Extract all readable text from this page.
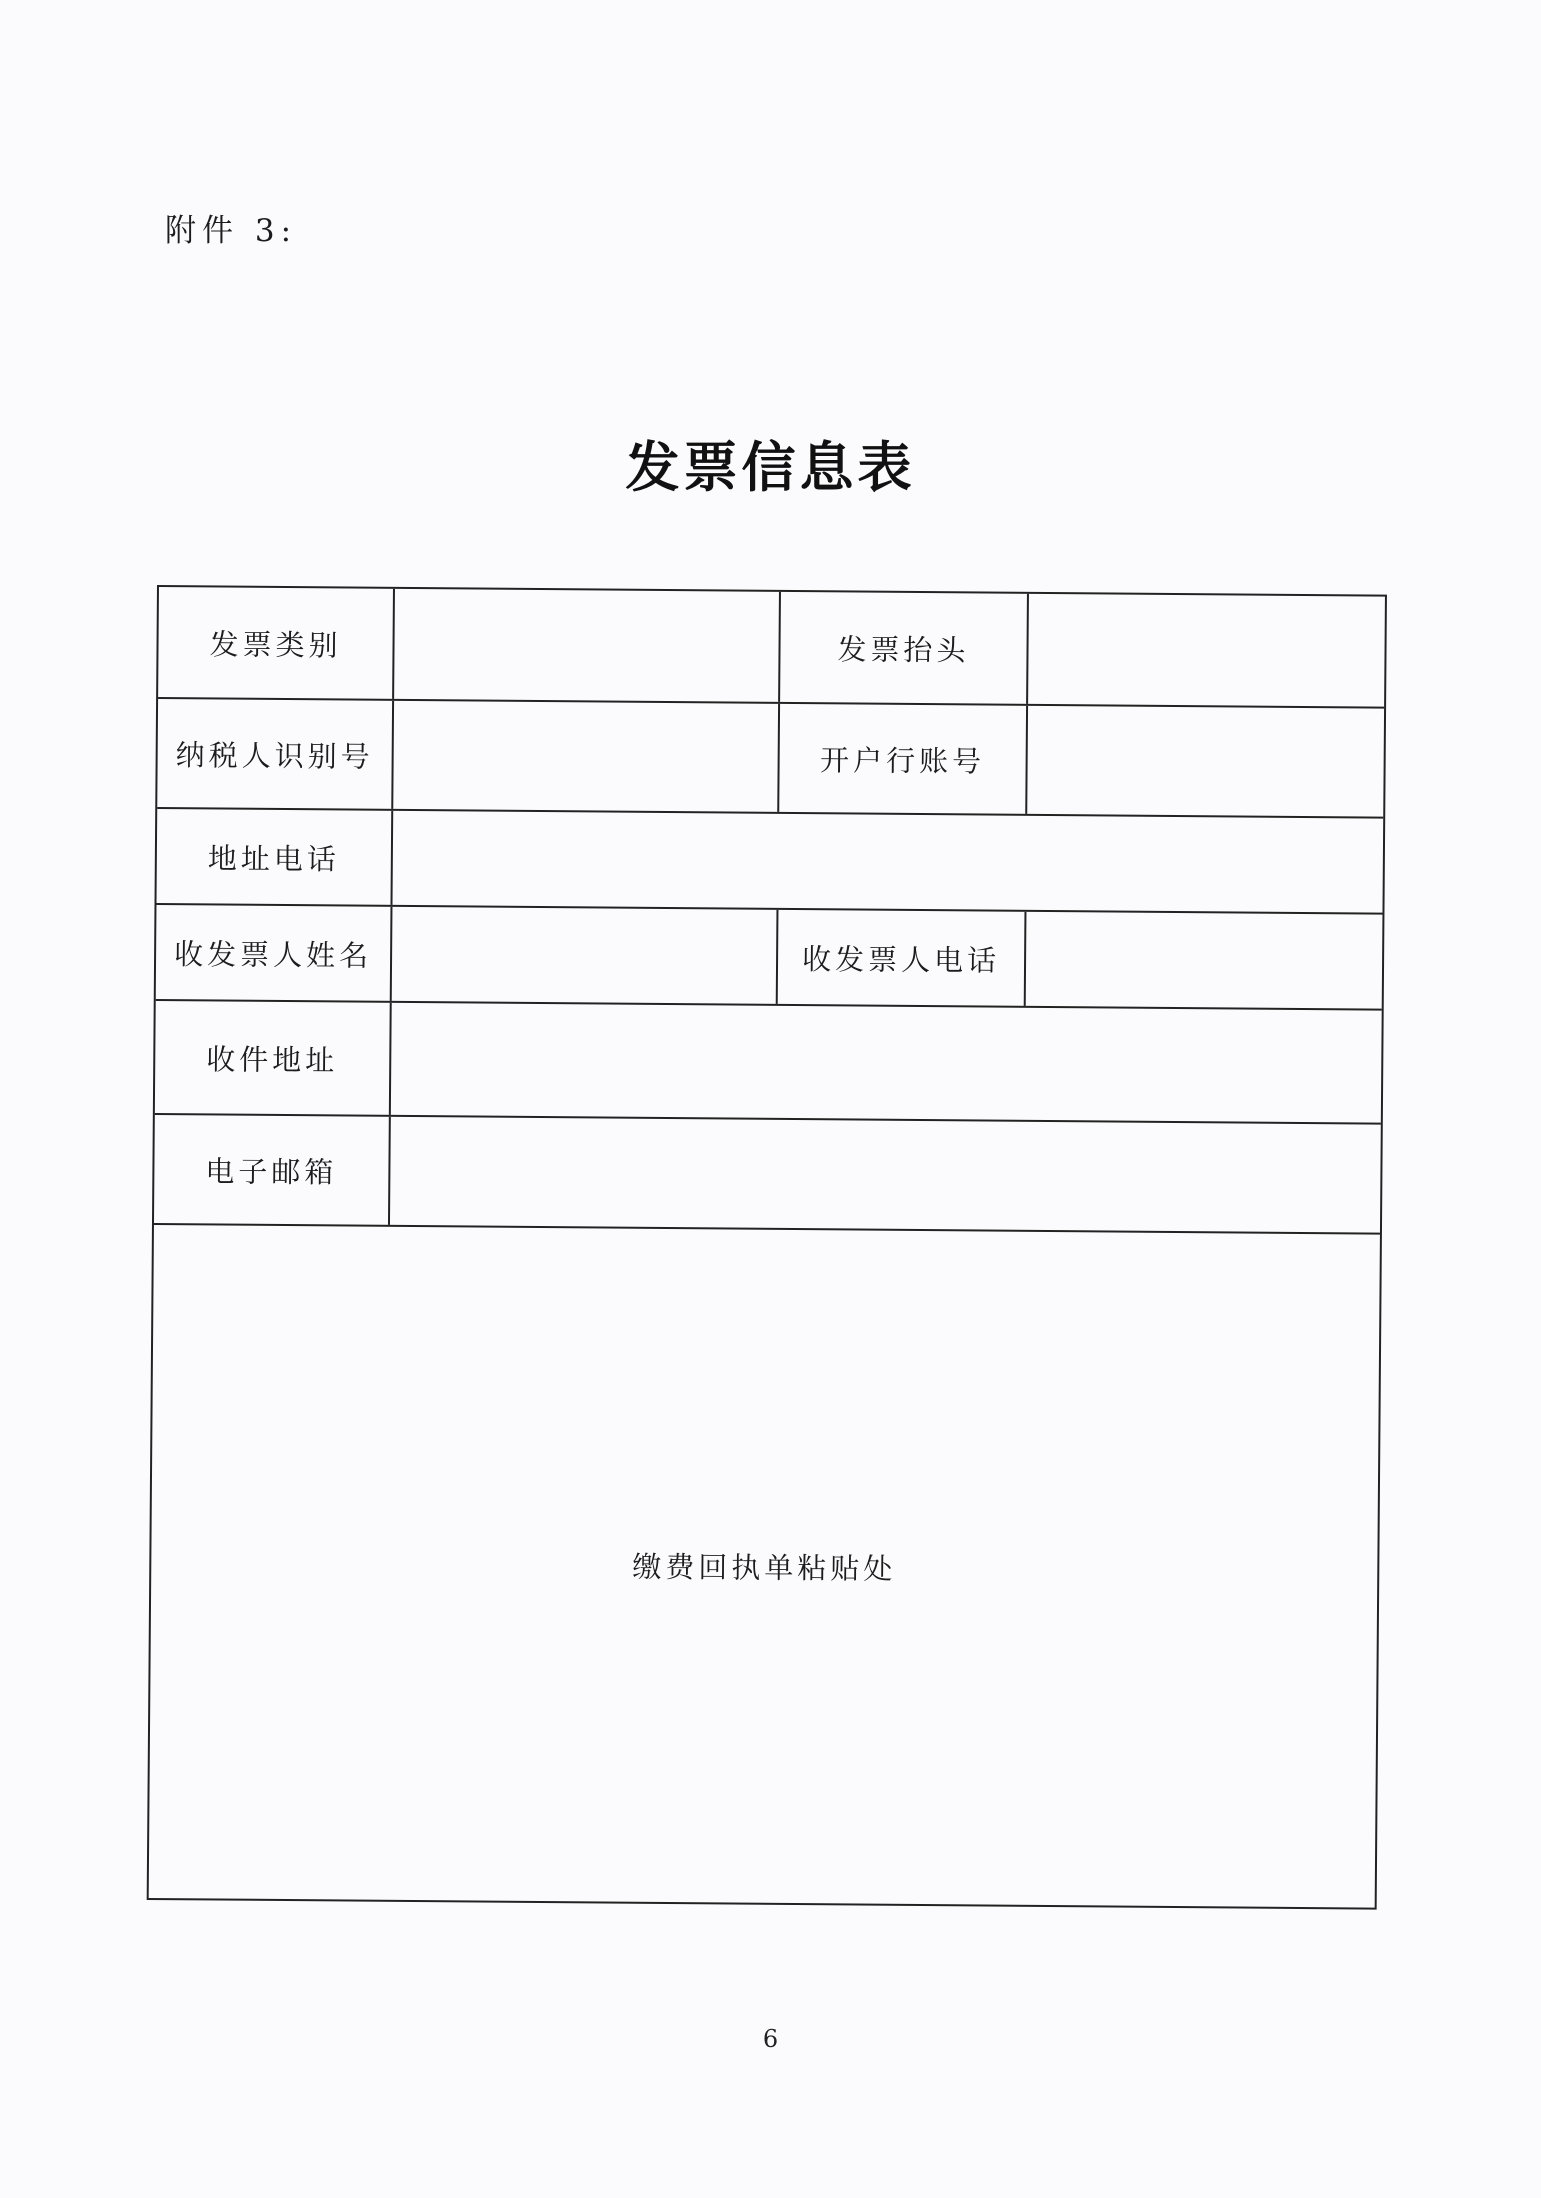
附件 3:
发票信息表
发票类别	发票抬头
纳税人识别号	开户行账号
地址电话
收发票人姓名	收发票人电话
收件地址
电子邮箱
缴费回执单粘贴处
6
